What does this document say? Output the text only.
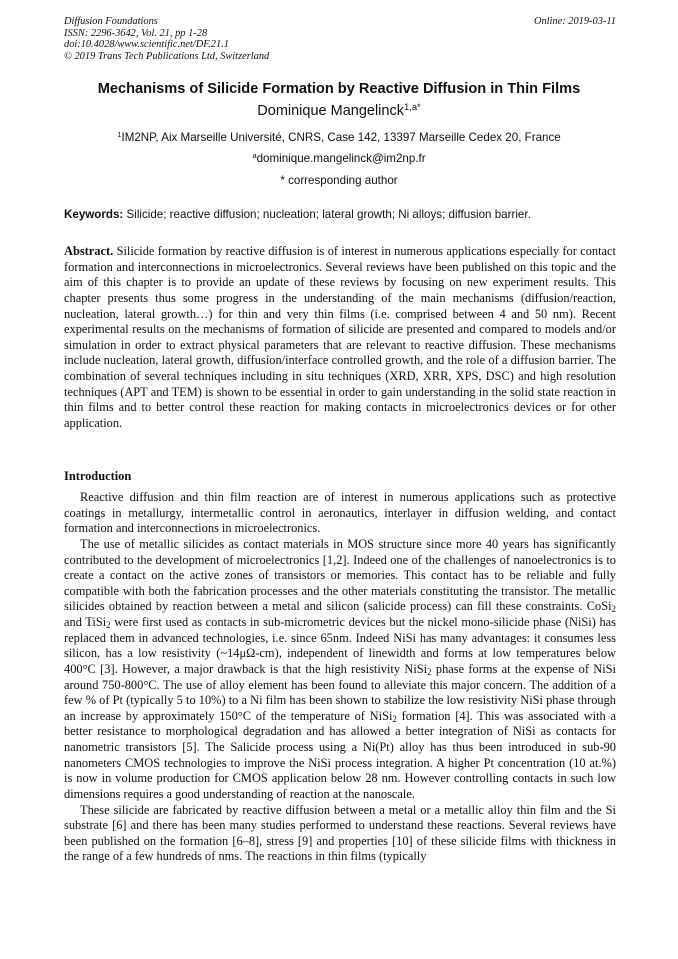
Diffusion Foundations
ISSN: 2296-3642, Vol. 21, pp 1-28
doi:10.4028/www.scientific.net/DF.21.1
© 2019 Trans Tech Publications Ltd, Switzerland
Online: 2019-03-11
Mechanisms of Silicide Formation by Reactive Diffusion in Thin Films
Dominique Mangelinck$^{1,a*}$
$^1$IM2NP, Aix Marseille Université, CNRS, Case 142, 13397 Marseille Cedex 20, France
$^a$dominique.mangelinck@im2np.fr
* corresponding author
Keywords: Silicide; reactive diffusion; nucleation; lateral growth; Ni alloys; diffusion barrier.
Abstract. Silicide formation by reactive diffusion is of interest in numerous applications especially for contact formation and interconnections in microelectronics. Several reviews have been published on this topic and the aim of this chapter is to provide an update of these reviews by focusing on new experiment results. This chapter presents thus some progress in the understanding of the main mechanisms (diffusion/reaction, nucleation, lateral growth…) for thin and very thin films (i.e. comprised between 4 and 50 nm). Recent experimental results on the mechanisms of formation of silicide are presented and compared to models and/or simulation in order to extract physical parameters that are relevant to reactive diffusion. These mechanisms include nucleation, lateral growth, diffusion/interface controlled growth, and the role of a diffusion barrier. The combination of several techniques including in situ techniques (XRD, XRR, XPS, DSC) and high resolution techniques (APT and TEM) is shown to be essential in order to gain understanding in the solid state reaction in thin films and to better control these reaction for making contacts in microelectronics devices or for other application.
Introduction

Reactive diffusion and thin film reaction are of interest in numerous applications such as protective coatings in metallurgy, intermetallic control in aeronautics, interlayer in diffusion welding, and contact formation and interconnections in microelectronics.

The use of metallic silicides as contact materials in MOS structure since more 40 years has significantly contributed to the development of microelectronics [1,2]. Indeed one of the challenges of nanoelectronics is to create a contact on the active zones of transistors or memories. This contact has to be reliable and fully compatible with both the fabrication processes and the other materials constituting the transistor. The metallic silicides obtained by reaction between a metal and silicon (salicide process) can fill these constraints. CoSi$_2$ and TiSi$_2$ were first used as contacts in sub-micrometric devices but the nickel mono-silicide phase (NiSi) has replaced them in advanced technologies, i.e. since 65nm. Indeed NiSi has many advantages: it consumes less silicon, has a low resistivity (~14μΩ-cm), independent of linewidth and forms at low temperatures below 400°C [3]. However, a major drawback is that the high resistivity NiSi$_2$ phase forms at the expense of NiSi around 750-800°C. The use of alloy element has been found to alleviate this major concern. The addition of a few % of Pt (typically 5 to 10%) to a Ni film has been shown to stabilize the low resistivity NiSi phase through an increase by approximately 150°C of the temperature of NiSi$_2$ formation [4]. This was associated with a better resistance to morphological degradation and has allowed a better integration of NiSi as contacts for nanometric transistors [5]. The Salicide process using a Ni(Pt) alloy has thus been introduced in sub-90 nanometers CMOS technologies to improve the NiSi process integration. A higher Pt concentration (10 at.%) is now in volume production for CMOS application below 28 nm. However controlling contacts in such low dimensions requires a good understanding of reaction at the nanoscale.

These silicide are fabricated by reactive diffusion between a metal or a metallic alloy thin film and the Si substrate [6] and there has been many studies performed to understand these reactions. Several reviews have been published on the formation [6–8], stress [9] and properties [10] of these silicide films with thickness in the range of a few hundreds of nms. The reactions in thin films (typically
